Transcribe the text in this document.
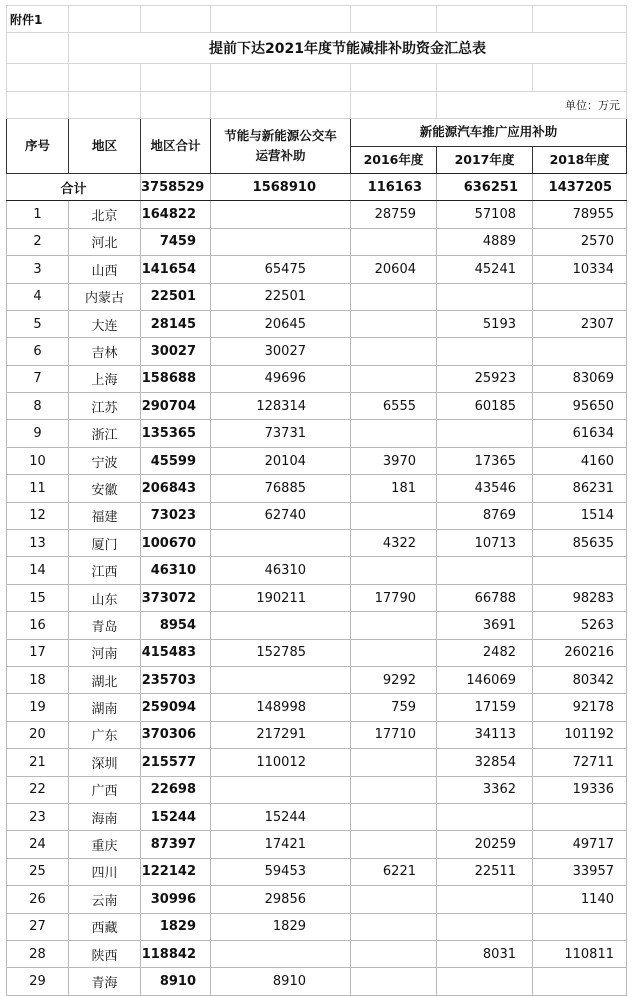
附件1						
	提前下达2021年度节能减排补助资金汇总表					

					单位：万元	
序号	地区	地区合计	节能与新能源公交车
运营补助	新能源汽车推广应用补助		
				2016年度	2017年度	2018年度
合计		3758529	1568910	116163	636251	1437205
1	北京	164822		28759	57108	78955
2	河北	7459			4889	2570
3	山西	141654	65475	20604	45241	10334
4	内蒙古	22501	22501			
5	大连	28145	20645		5193	2307
6	吉林	30027	30027			
7	上海	158688	49696		25923	83069
8	江苏	290704	128314	6555	60185	95650
9	浙江	135365	73731			61634
10	宁波	45599	20104	3970	17365	4160
11	安徽	206843	76885	181	43546	86231
12	福建	73023	62740		8769	1514
13	厦门	100670		4322	10713	85635
14	江西	46310	46310			
15	山东	373072	190211	17790	66788	98283
16	青岛	8954			3691	5263
17	河南	415483	152785		2482	260216
18	湖北	235703		9292	146069	80342
19	湖南	259094	148998	759	17159	92178
20	广东	370306	217291	17710	34113	101192
21	深圳	215577	110012		32854	72711
22	广西	22698			3362	19336
23	海南	15244	15244			
24	重庆	87397	17421		20259	49717
25	四川	122142	59453	6221	22511	33957
26	云南	30996	29856			1140
27	西藏	1829	1829			
28	陕西	118842			8031	110811
29	青海	8910	8910			
